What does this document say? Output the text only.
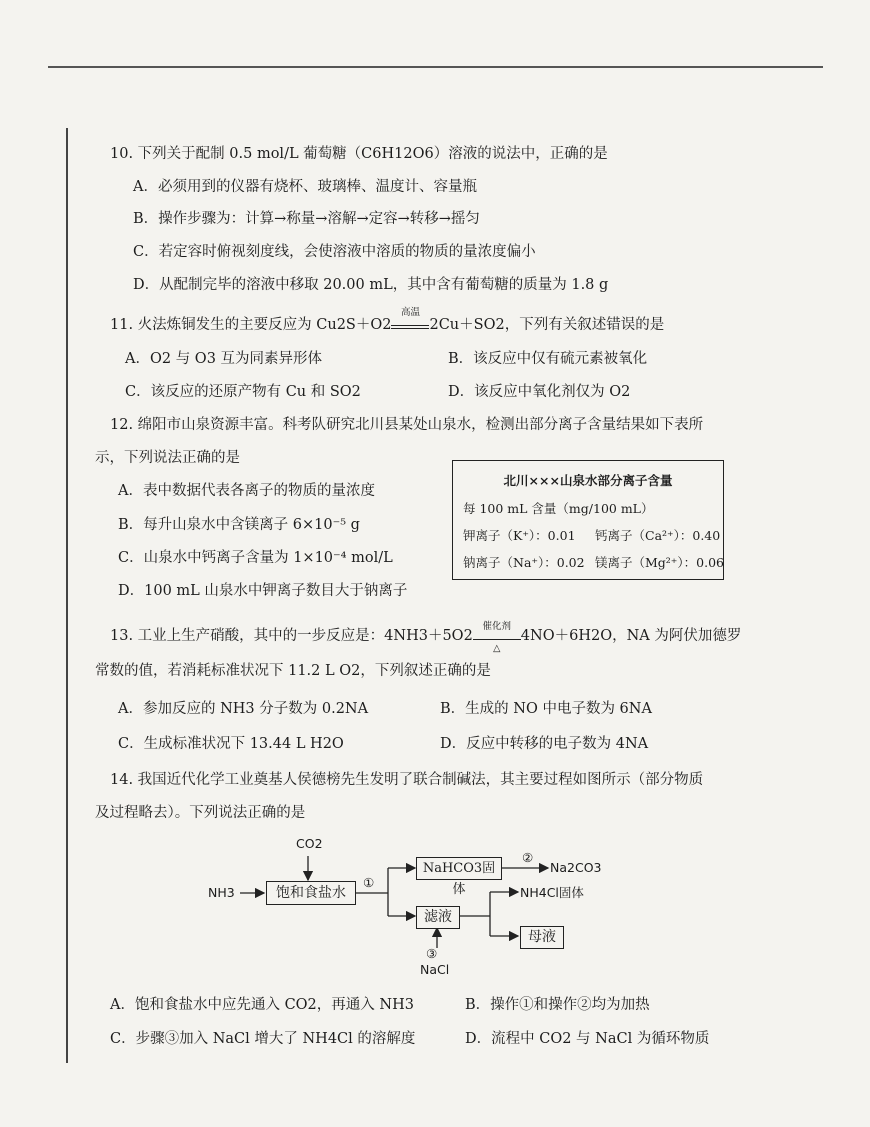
10. 下列关于配制 0.5 mol/L 葡萄糖（C6H12O6）溶液的说法中，正确的是
A．必须用到的仪器有烧杯、玻璃棒、温度计、容量瓶
B．操作步骤为：计算→称量→溶解→定容→转移→摇匀
C．若定容时俯视刻度线，会使溶液中溶质的物质的量浓度偏小
D．从配制完毕的溶液中移取 20.00 mL，其中含有葡萄糖的质量为 1.8 g
11. 火法炼铜发生的主要反应为 Cu2S＋O2
高温
2Cu＋SO2，下列有关叙述错误的是
A．O2 与 O3 互为同素异形体	B．该反应中仅有硫元素被氧化
C．该反应的还原产物有 Cu 和 SO2	D．该反应中氧化剂仅为 O2
12. 绵阳市山泉资源丰富。科考队研究北川县某处山泉水，检测出部分离子含量结果如下表所
示，下列说法正确的是
A．表中数据代表各离子的物质的量浓度
B．每升山泉水中含镁离子 6×10⁻⁵ g
C．山泉水中钙离子含量为 1×10⁻⁴ mol/L
D．100 mL 山泉水中钾离子数目大于钠离子
北川×××山泉水部分离子含量
每 100 mL 含量（mg/100 mL）
钾离子（K⁺）：0.01 钙离子（Ca²⁺）：0.40
钠离子（Na⁺）：0.02 镁离子（Mg²⁺）：0.06
13. 工业上生产硝酸，其中的一步反应是：4NH3＋5O2
催化剂
△
4NO＋6H2O，NA 为阿伏加德罗
常数的值，若消耗标准状况下 11.2 L O2，下列叙述正确的是
A．参加反应的 NH3 分子数为 0.2NA	B．生成的 NO 中电子数为 6NA
C．生成标准状况下 13.44 L H2O	D．反应中转移的电子数为 4NA
14. 我国近代化学工业奠基人侯德榜先生发明了联合制碱法，其主要过程如图所示（部分物质
及过程略去）。下列说法正确的是
CO2
NH3	饱和食盐水
①
NaHCO3固体
②
Na2CO3
NH4Cl固体
滤液
母液
③
NaCl
A．饱和食盐水中应先通入 CO2，再通入 NH3	B．操作①和操作②均为加热
C．步骤③加入 NaCl 增大了 NH4Cl 的溶解度	D．流程中 CO2 与 NaCl 为循环物质
